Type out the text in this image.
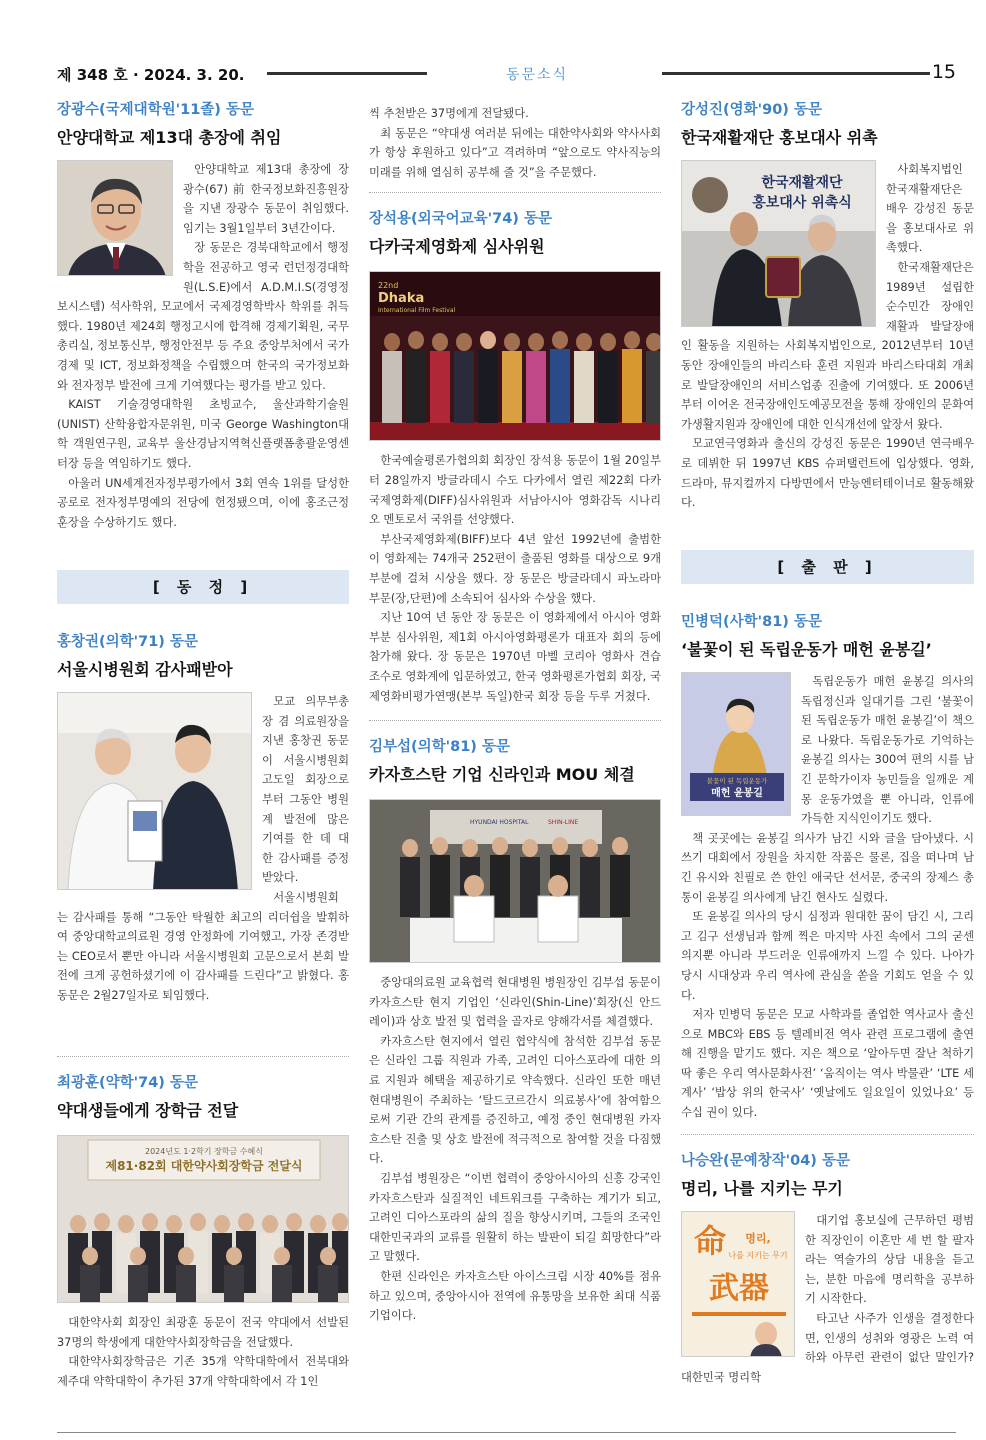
제 348 호 · 2024. 3. 20.	동문소식	15
장광수(국제대학원'11졸) 동문
안양대학교 제13대 총장에 취임

안양대학교 제13대 총장에 장광수(67) 前 한국정보화진흥원장을 지낸 장광수 동문이 취임했다. 임기는 3월1일부터 3년간이다.

장 동문은 경북대학교에서 행정학을 전공하고 영국 런던정경대학원(L.S.E)에서 A.D.M.I.S(경영정보시스템) 석사학위, 모교에서 국제경영학박사 학위를 취득했다. 1980년 제24회 행정고시에 합격해 경제기획원, 국무총리실, 정보통신부, 행정안전부 등 주요 중앙부처에서 국가경제 및 ICT, 정보화정책을 수립했으며 한국의 국가정보화와 전자정부 발전에 크게 기여했다는 평가를 받고 있다.

KAIST 기술경영대학원 초빙교수, 울산과학기술원(UNIST) 산학융합자문위원, 미국 George Washington대학 객원연구원, 교육부 울산경남지역혁신플랫폼총괄운영센터장 등을 역임하기도 했다.

아울러 UN세계전자정부평가에서 3회 연속 1위를 달성한 공로로 전자정부명예의 전당에 헌정됐으며, 이에 홍조근정훈장을 수상하기도 했다.

[ 동 정 ]
홍창권(의학'71) 동문
서울시병원회 감사패받아

모교 의무부총장 겸 의료원장을 지낸 홍창권 동문이 서울시병원회 고도일 회장으로부터 그동안 병원계 발전에 많은 기여를 한 데 대한 감사패를 증정받았다.

서울시병원회는 감사패를 통해 “그동안 탁월한 최고의 리더쉽을 발휘하여 중앙대학교의료원 경영 안정화에 기여했고, 가장 존경받는 CEO로서 뿐만 아니라 서울시병원회 고문으로서 본회 발전에 크게 공헌하셨기에 이 감사패를 드린다”고 밝혔다. 홍 동문은 2월27일자로 퇴임했다.

최광훈(약학'74) 동문
약대생들에게 장학금 전달
2024년도 1·2학기 장학금 수혜식
제81·82회 대한약사회장학금 전달식

대한약사회 회장인 최광훈 동문이 전국 약대에서 선발된 37명의 학생에게 대한약사회장학금을 전달했다.

대한약사회장학금은 기존 35개 약학대학에서 전북대와 제주대 약학대학이 추가된 37개 약학대학에서 각 1인

씩 추천받은 37명에게 전달됐다.

최 동문은 “약대생 여러분 뒤에는 대한약사회와 약사사회가 항상 후원하고 있다”고 격려하며 “앞으로도 약사직능의 미래를 위해 열심히 공부해 줄 것”을 주문했다.

장석용(외국어교육'74) 동문
다카국제영화제 심사위원
22nd
Dhaka
International Film Festival

한국예술평론가협의회 회장인 장석용 동문이 1월 20일부터 28일까지 방글라데시 수도 다카에서 열린 제22회 다카국제영화제(DIFF)심사위원과 서남아시아 영화감독 시나리오 멘토로서 국위를 선양했다.

부산국제영화제(BIFF)보다 4년 앞선 1992년에 출범한 이 영화제는 74개국 252편이 출품된 영화를 대상으로 9개 부분에 걸쳐 시상을 했다. 장 동문은 방글라데시 파노라마 부문(장,단편)에 소속되어 심사와 수상을 했다.

지난 10여 년 동안 장 동문은 이 영화제에서 아시아 영화 부분 심사위원, 제1회 아시아영화평론가 대표자 회의 등에 참가해 왔다. 장 동문은 1970년 마벨 코리아 영화사 견습 조수로 영화계에 입문하였고, 한국 영화평론가협회 회장, 국제영화비평가연맹(본부 독일)한국 회장 등을 두루 거쳤다.

김부섭(의학'81) 동문
카자흐스탄 기업 신라인과 MOU 체결
HYUNDAI HOSPITAL	SHIN-LINE

중앙대의료원 교육협력 현대병원 병원장인 김부섭 동문이 카자흐스탄 현지 기업인 ‘신라인(Shin-Line)’회장(신 안드레이)과 상호 발전 및 협력을 골자로 양해각서를 체결했다.

카자흐스탄 현지에서 열린 협약식에 참석한 김부섭 동문은 신라인 그룹 직원과 가족, 고려인 디아스포라에 대한 의료 지원과 혜택을 제공하기로 약속했다. 신라인 또한 매년 현대병원이 주최하는 ‘탈드코르간시 의료봉사’에 참여함으로써 기관 간의 관계를 증진하고, 예정 중인 현대병원 카자흐스탄 진출 및 상호 발전에 적극적으로 참여할 것을 다짐했다.

김부섭 병원장은 “이번 협력이 중앙아시아의 신흥 강국인 카자흐스탄과 실질적인 네트워크를 구축하는 계기가 되고, 고려인 디아스포라의 삶의 질을 향상시키며, 그들의 조국인 대한민국과의 교류를 원활히 하는 발판이 되길 희망한다”라고 말했다.

한편 신라인은 카자흐스탄 아이스크림 시장 40%를 점유하고 있으며, 중앙아시아 전역에 유통망을 보유한 최대 식품 기업이다.

강성진(영화'90) 동문
한국재활재단 홍보대사 위촉
한국재활재단
홍보대사 위촉식

사회복지법인 한국재활재단은 배우 강성진 동문을 홍보대사로 위촉했다.

한국재활재단은 1989년 설립한 순수민간 장애인 재활과 발달장애인 활동을 지원하는 사회복지법인으로, 2012년부터 10년 동안 장애인들의 바리스타 훈련 지원과 바리스타대회 개최로 발달장애인의 서비스업종 진출에 기여했다. 또 2006년부터 이어온 전국장애인도예공모전을 통해 장애인의 문화여가생활지원과 장애인에 대한 인식개선에 앞장서 왔다.

모교연극영화과 출신의 강성진 동문은 1990년 연극배우로 데뷔한 뒤 1997년 KBS 슈퍼탤런트에 입상했다. 영화, 드라마, 뮤지컬까지 다방면에서 만능엔터테이너로 활동해왔다.

[ 출 판 ]
민병덕(사학'81) 동문
‘불꽃이 된 독립운동가 매헌 윤봉길’
불꽃이 된 독립운동가
매헌 윤봉길

독립운동가 매헌 윤봉길 의사의 독립정신과 일대기를 그린 ‘불꽃이 된 독립운동가 매헌 윤봉길’이 책으로 나왔다. 독립운동가로 기억하는 윤봉길 의사는 300여 편의 시를 남긴 문학가이자 농민들을 일깨운 계몽 운동가였을 뿐 아니라, 인류에 가득한 지식인이기도 했다.

책 곳곳에는 윤봉길 의사가 남긴 시와 글을 담아냈다. 시 쓰기 대회에서 장원을 차지한 작품은 물론, 집을 떠나며 남긴 유시와 친필로 쓴 한인 애국단 선서문, 중국의 장제스 총통이 윤봉길 의사에게 남긴 현사도 실렸다.

또 윤봉길 의사의 당시 심정과 원대한 꿈이 담긴 시, 그리고 김구 선생님과 함께 찍은 마지막 사진 속에서 그의 굳센 의지뿐 아니라 부드러운 인류애까지 느낄 수 있다. 나아가 당시 시대상과 우리 역사에 관심을 쏟을 기회도 얻을 수 있다.

저자 민병덕 동문은 모교 사학과를 졸업한 역사교사 출신으로 MBC와 EBS 등 텔레비전 역사 관련 프로그램에 출연해 진행을 맡기도 했다. 지은 책으로 ‘알아두면 잘난 척하기 딱 좋은 우리 역사문화사전’ ‘움직이는 역사 박물관’ ‘LTE 세계사’ ‘밥상 위의 한국사’ ‘옛날에도 일요일이 있었나요’ 등 수십 권이 있다.

나승완(문예창작'04) 동문
명리, 나를 지키는 무기
命 명리,
나를 지키는 무기
武器

대기업 홍보실에 근무하던 평범한 직장인이 이혼만 세 번 할 팔자라는 역술가의 상담 내용을 듣고는, 분한 마음에 명리학을 공부하기 시작한다.

타고난 사주가 인생을 결정한다면, 인생의 성취와 영광은 노력 여하와 아무런 관련이 없단 말인가? 대한민국 명리학
